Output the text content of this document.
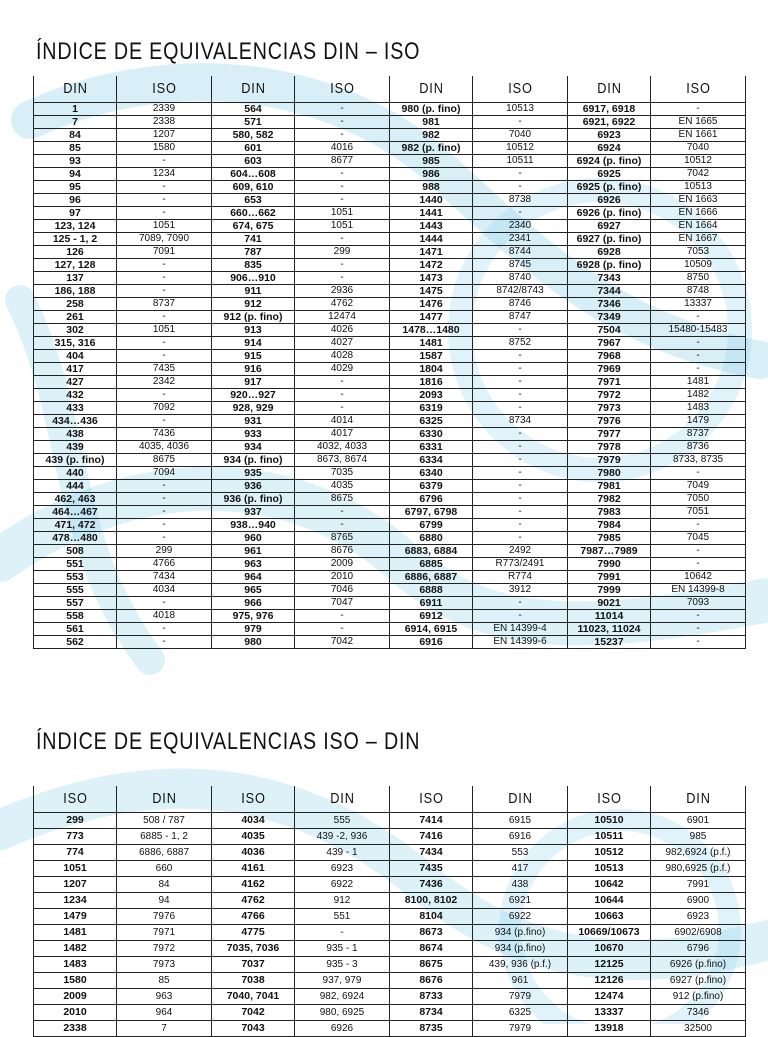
ÍNDICE DE EQUIVALENCIAS DIN – ISO
DIN	ISO
1	2339
7	2338
84	1207
85	1580
93	-
94	1234
95	-
96	-
97	-
123, 124	1051
125 - 1, 2	7089, 7090
126	7091
127, 128	-
137	-
186, 188	-
258	8737
261	-
302	1051
315, 316	-
404	-
417	7435
427	2342
432	-
433	7092
434…436	-
438	7436
439	4035, 4036
439 (p. fino)	8675
440	7094
444	-
462, 463	-
464…467	-
471, 472	-
478…480	-
508	299
551	4766
553	7434
555	4034
557	-
558	4018
561	-
562	-
DIN	ISO
564	-
571	-
580, 582	-
601	4016
603	8677
604…608	-
609, 610	-
653	-
660…662	1051
674, 675	1051
741	-
787	299
835	-
906…910	-
911	2936
912	4762
912 (p. fino)	12474
913	4026
914	4027
915	4028
916	4029
917	-
920…927	-
928, 929	-
931	4014
933	4017
934	4032, 4033
934 (p. fino)	8673, 8674
935	7035
936	4035
936 (p. fino)	8675
937	-
938…940	-
960	8765
961	8676
963	2009
964	2010
965	7046
966	7047
975, 976	-
979	-
980	7042
DIN	ISO
980 (p. fino)	10513
981	-
982	7040
982 (p. fino)	10512
985	10511
986	-
988	-
1440	8738
1441	-
1443	2340
1444	2341
1471	8744
1472	8745
1473	8740
1475	8742/8743
1476	8746
1477	8747
1478…1480	-
1481	8752
1587	-
1804	-
1816	-
2093	-
6319	-
6325	8734
6330	-
6331	-
6334	-
6340	-
6379	-
6796	-
6797, 6798	-
6799	-
6880	-
6883, 6884	2492
6885	R773/2491
6886, 6887	R774
6888	3912
6911	-
6912	-
6914, 6915	EN 14399-4
6916	EN 14399-6
DIN	ISO
6917, 6918	-
6921, 6922	EN 1665
6923	EN 1661
6924	7040
6924 (p. fino)	10512
6925	7042
6925 (p. fino)	10513
6926	EN 1663
6926 (p. fino)	EN 1666
6927	EN 1664
6927 (p. fino)	EN 1667
6928	7053
6928 (p. fino)	10509
7343	8750
7344	8748
7346	13337
7349	-
7504	15480-15483
7967	-
7968	-
7969	-
7971	1481
7972	1482
7973	1483
7976	1479
7977	8737
7978	8736
7979	8733, 8735
7980	-
7981	7049
7982	7050
7983	7051
7984	-
7985	7045
7987…7989	-
7990	-
7991	10642
7999	EN 14399-8
9021	7093
11014	-
11023, 11024	-
15237	-
ÍNDICE DE EQUIVALENCIAS ISO – DIN
ISO	DIN
299	508 / 787
773	6885 - 1, 2
774	6886, 6887
1051	660
1207	84
1234	94
1479	7976
1481	7971
1482	7972
1483	7973
1580	85
2009	963
2010	964
2338	7
ISO	DIN
4034	555
4035	439 -2, 936
4036	439 - 1
4161	6923
4162	6922
4762	912
4766	551
4775	-
7035, 7036	935 - 1
7037	935 - 3
7038	937, 979
7040, 7041	982, 6924
7042	980, 6925
7043	6926
ISO	DIN
7414	6915
7416	6916
7434	553
7435	417
7436	438
8100, 8102	6921
8104	6922
8673	934 (p.fino)
8674	934 (p.fino)
8675	439, 936 (p.f.)
8676	961
8733	7979
8734	6325
8735	7979
ISO	DIN
10510	6901
10511	985
10512	982,6924 (p.f.)
10513	980,6925 (p.f.)
10642	7991
10644	6900
10663	6923
10669/10673	6902/6908
10670	6796
12125	6926 (p.fino)
12126	6927 (p.fino)
12474	912 (p.fino)
13337	7346
13918	32500
